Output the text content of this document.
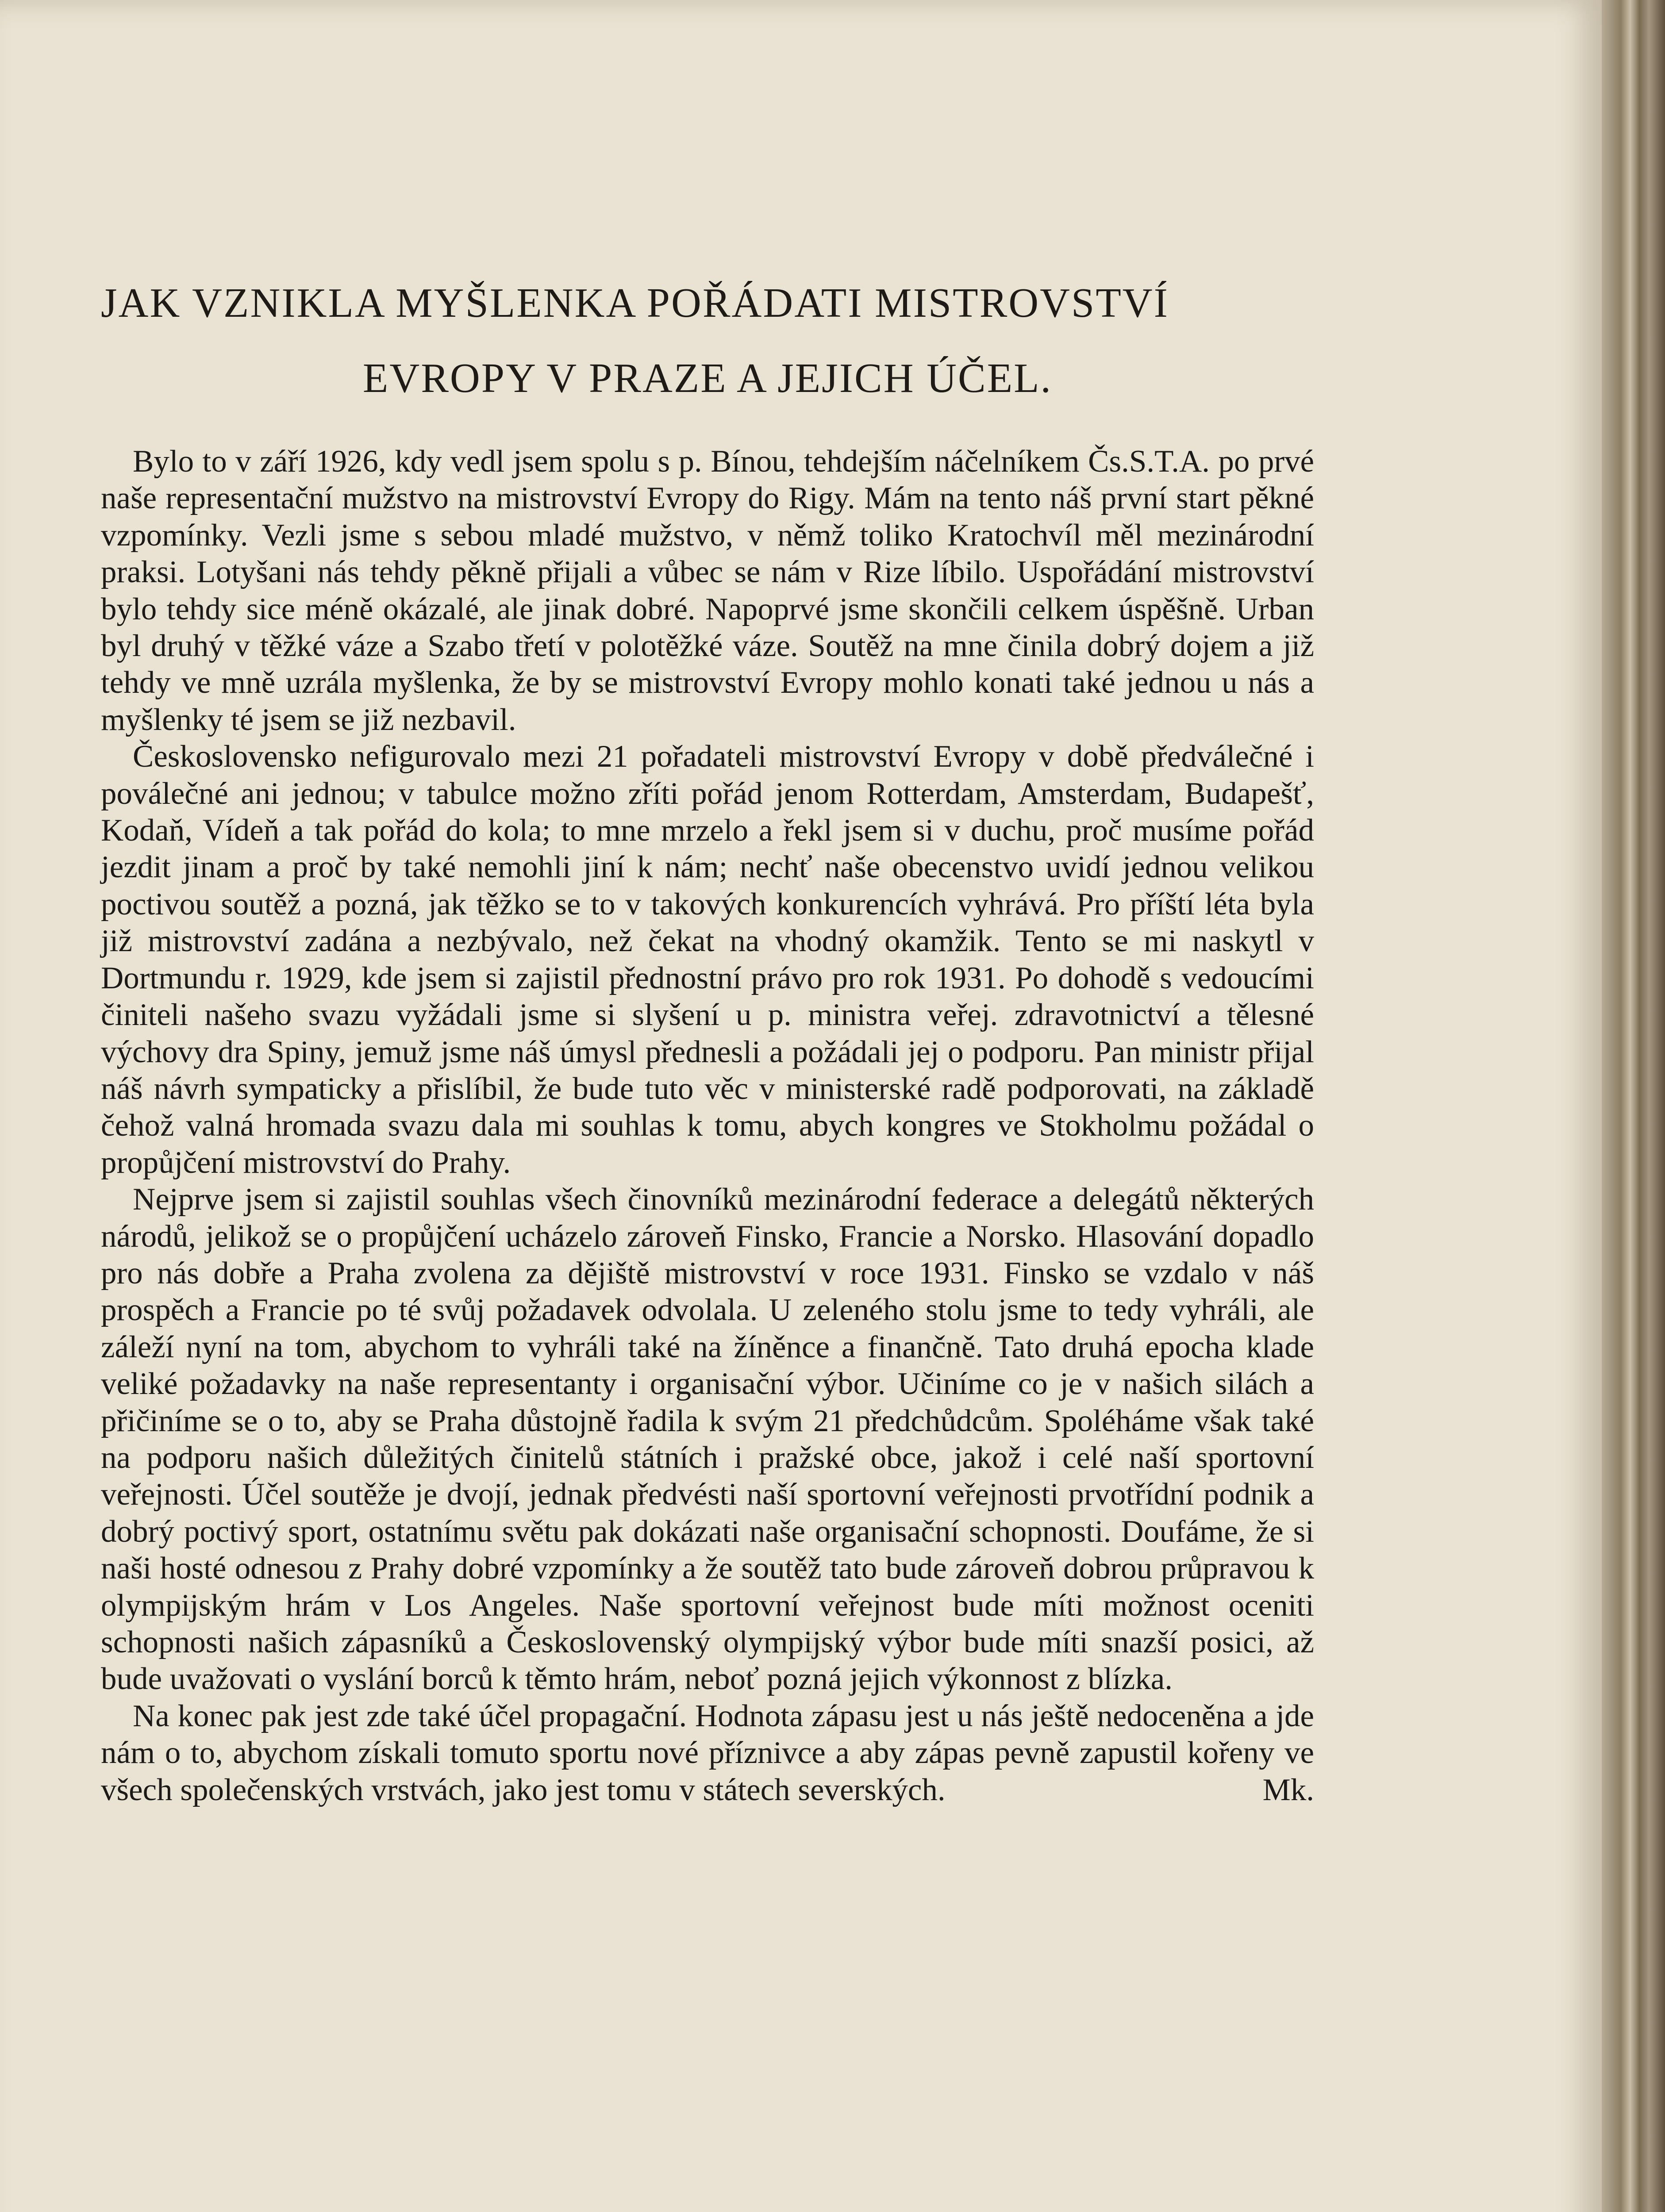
JAK VZNIKLA MYŠLENKA POŘÁDATI MISTROVSTVÍ
EVROPY V PRAZE A JEJICH ÚČEL.

Bylo to v září 1926, kdy vedl jsem spolu s p. Bínou, tehdejším náčelníkem Čs.S.T.A. po prvé naše representační mužstvo na mistrovství Evropy do Rigy. Mám na tento náš první start pěkné vzpomínky. Vezli jsme s sebou mladé mužstvo, v němž toliko Kratochvíl měl mezinárodní praksi. Lotyšani nás tehdy pěkně přijali a vůbec se nám v Rize líbilo. Uspořádání mistrovství bylo tehdy sice méně okázalé, ale jinak dobré. Napoprvé jsme skončili celkem úspěšně. Urban byl druhý v těžké váze a Szabo třetí v polotěžké váze. Soutěž na mne činila dobrý dojem a již tehdy ve mně uzrála myšlenka, že by se mistrovství Evropy mohlo konati také jednou u nás a myšlenky té jsem se již nezbavil.

Československo nefigurovalo mezi 21 pořadateli mistrovství Evropy v době předválečné i poválečné ani jednou; v tabulce možno zříti pořád jenom Rotterdam, Amsterdam, Budapešť, Kodaň, Vídeň a tak pořád do kola; to mne mrzelo a řekl jsem si v duchu, proč musíme pořád jezdit jinam a proč by také nemohli jiní k nám; nechť naše obecenstvo uvidí jednou velikou poctivou soutěž a pozná, jak těžko se to v takových konkurencích vyhrává. Pro příští léta byla již mistrovství zadána a nezbývalo, než čekat na vhodný okamžik. Tento se mi naskytl v Dortmundu r. 1929, kde jsem si zajistil přednostní právo pro rok 1931. Po dohodě s vedoucími činiteli našeho svazu vyžádali jsme si slyšení u p. ministra veřej. zdravotnictví a tělesné výchovy dra Spiny, jemuž jsme náš úmysl přednesli a požádali jej o podporu. Pan ministr přijal náš návrh sympaticky a přislíbil, že bude tuto věc v ministerské radě podporovati, na základě čehož valná hromada svazu dala mi souhlas k tomu, abych kongres ve Stokholmu požádal o propůjčení mistrovství do Prahy.

Nejprve jsem si zajistil souhlas všech činovníků mezinárodní federace a delegátů některých národů, jelikož se o propůjčení ucházelo zároveň Finsko, Francie a Norsko. Hlasování dopadlo pro nás dobře a Praha zvolena za dějiště mistrovství v roce 1931. Finsko se vzdalo v náš prospěch a Francie po té svůj požadavek odvolala. U zeleného stolu jsme to tedy vyhráli, ale záleží nyní na tom, abychom to vyhráli také na žíněnce a finančně. Tato druhá epocha klade veliké požadavky na naše representanty i organisační výbor. Učiníme co je v našich silách a přičiníme se o to, aby se Praha důstojně řadila k svým 21 předchůdcům. Spoléháme však také na podporu našich důležitých činitelů státních i pražské obce, jakož i celé naší sportovní veřejnosti. Účel soutěže je dvojí, jednak předvésti naší sportovní veřejnosti prvotřídní podnik a dobrý poctivý sport, ostatnímu světu pak dokázati naše organisační schopnosti. Doufáme, že si naši hosté odnesou z Prahy dobré vzpomínky a že soutěž tato bude zároveň dobrou průpravou k olympijským hrám v Los Angeles. Naše sportovní veřejnost bude míti možnost oceniti schopnosti našich zápasníků a Československý olympijský výbor bude míti snazší posici, až bude uvažovati o vyslání borců k těmto hrám, neboť pozná jejich výkonnost z blízka.

Na konec pak jest zde také účel propagační. Hodnota zápasu jest u nás ještě nedoceněna a jde nám o to, abychom získali tomuto sportu nové příznivce a aby zápas pevně zapustil kořeny ve všech společenských vrstvách, jako jest tomu v státech severských.	Mk.
